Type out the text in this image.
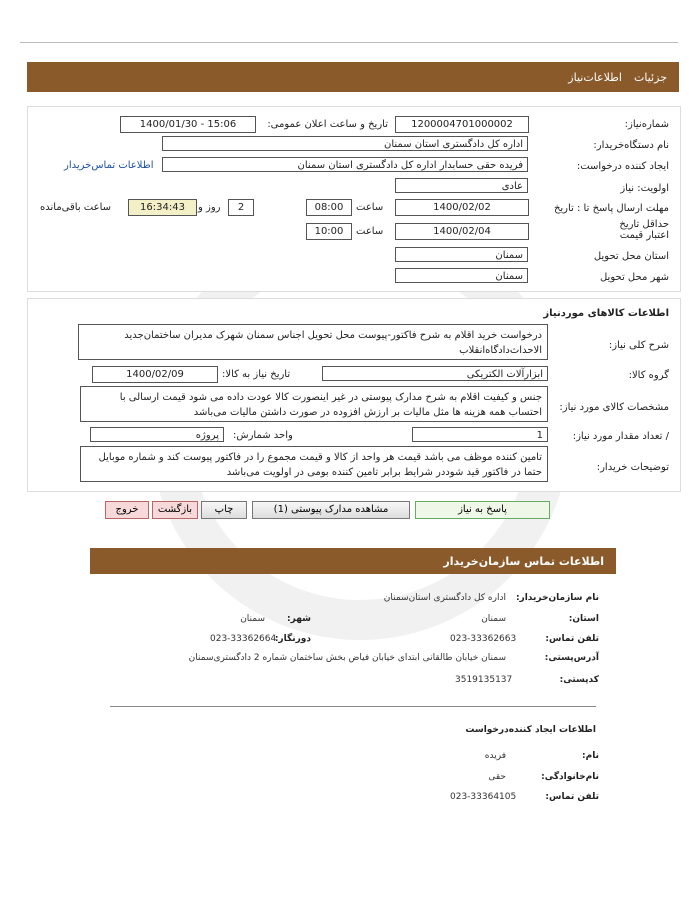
جزئیات
اطلاعات‌نیاز
شماره‌نیاز:
1200004701000002
تاریخ و ساعت اعلان عمومی:
1400/01/30 - 15:06
نام دستگاه‌خریدار:
اداره کل دادگستری استان سمنان
ایجاد کننده درخواست:
فریده حقی حسابدار اداره کل دادگستری استان سمنان
اطلاعات تماس‌خریدار
اولویت: نیاز
عادی
مهلت ارسال پاسخ تا : تاریخ
1400/02/02
ساعت
08:00
2
روز و
16:34:43
ساعت باقی‌مانده
حداقل تاریخ اعتبار قیمت
1400/02/04
ساعت
10:00
استان محل تحویل
سمنان
شهر محل تحویل
سمنان
اطلاعات کالاهای موردنیاز
شرح کلی نیاز:
درخواست خرید اقلام به شرح فاکتور-پیوست محل تحویل اجناس سمنان شهرک مدیران ساختمان‌جدید الاحداث‌دادگاه‌انقلاب
گروه کالا:
ابزارآلات الکتریکی
تاریخ نیاز به کالا:
1400/02/09
مشخصات کالای مورد نیاز:
جنس و کیفیت اقلام به شرح مدارک پیوستی در غیر اینصورت کالا عودت داده می شود قیمت ارسالی با احتساب همه هزینه ها مثل مالیات بر ارزش افزوده در صورت داشتن مالیات می‌باشد
/ تعداد مقدار مورد نیاز:
1
واحد شمارش:
پروژه
توضیحات خریدار:
تامین کننده موظف می باشد قیمت هر واحد از کالا و قیمت مجموع را در فاکتور پیوست کند و شماره موبایل حتما در فاکتور قید شوددر شرایط برابر تامین کننده بومی در اولویت می‌باشد
پاسخ به نیاز
مشاهده مدارک پیوستی (1)
چاپ
بازگشت
خروج
اطلاعات تماس سازمان‌خریدار
نام سازمان‌خریدار:
اداره کل دادگستری استان‌سمنان
استان:
سمنان
شهر:
سمنان
تلفن تماس:
023-33362663
دورنگار:
023-33362664
آدرس‌پستی:
سمنان خیابان طالقانی ابتدای خیابان فیاض بخش ساختمان شماره 2 دادگستری‌سمنان
کدپستی:
3519135137
اطلاعات ایجاد کننده‌درخواست
نام:
فریده
نام‌خانوادگی:
حقی
تلفن تماس:
023-33364105
